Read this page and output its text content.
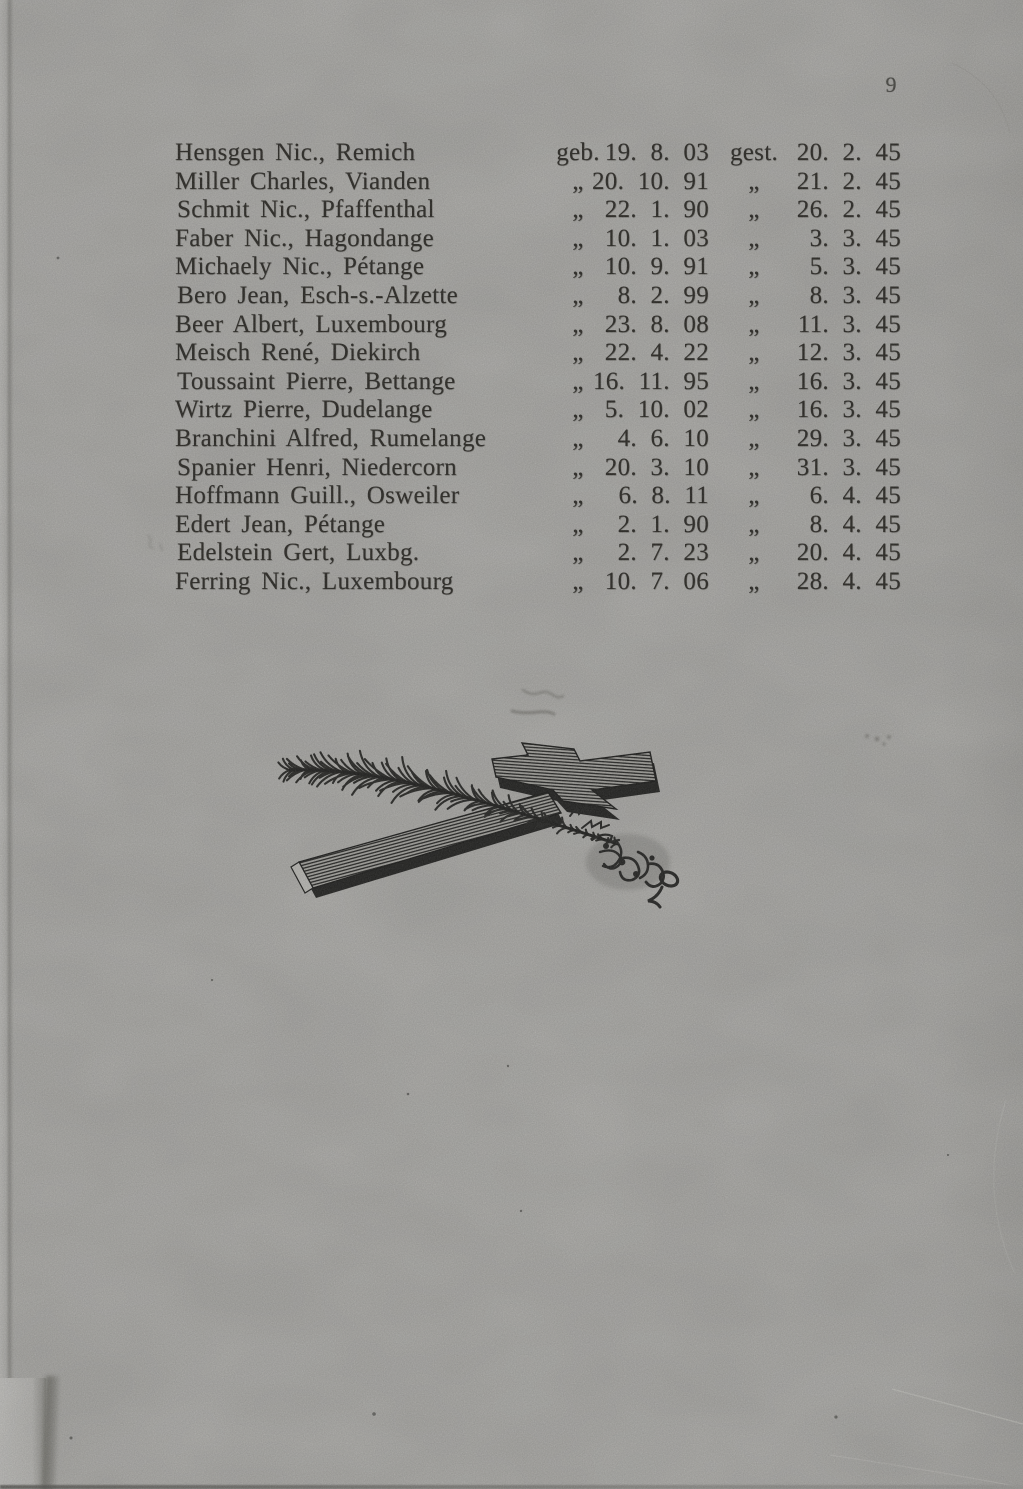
9
Hensgen Nic., Remich	geb. 19. 8. 03 gest. 20. 2. 45
Miller Charles, Vianden	„ 20. 10. 91	„	21. 2. 45
Schmit Nic., Pfaffenthal	„ 22. 1. 90	„	26. 2. 45
Faber Nic., Hagondange	„ 10. 1. 03	„	3. 3. 45
Michaely Nic., Pétange	„ 10. 9. 91	„	5. 3. 45
Bero Jean, Esch-s.-Alzette	„	8. 2. 99	„	8. 3. 45
Beer Albert, Luxembourg	„ 23. 8. 08	„	11. 3. 45
Meisch René, Diekirch	„ 22. 4. 22	„	12. 3. 45
Toussaint Pierre, Bettange	„ 16. 11. 95	„	16. 3. 45
Wirtz Pierre, Dudelange	„ 5. 10. 02	„	16. 3. 45
Branchini Alfred, Rumelange	„	4. 6. 10	„	29. 3. 45
Spanier Henri, Niedercorn	„ 20. 3. 10	„	31. 3. 45
Hoffmann Guill., Osweiler	„	6. 8. 11	„	6. 4. 45
Edert Jean, Pétange	„	2. 1. 90	„	8. 4. 45
Edelstein Gert, Luxbg.	„	2. 7. 23	„	20. 4. 45
Ferring Nic., Luxembourg	„ 10. 7. 06	„	28. 4. 45
